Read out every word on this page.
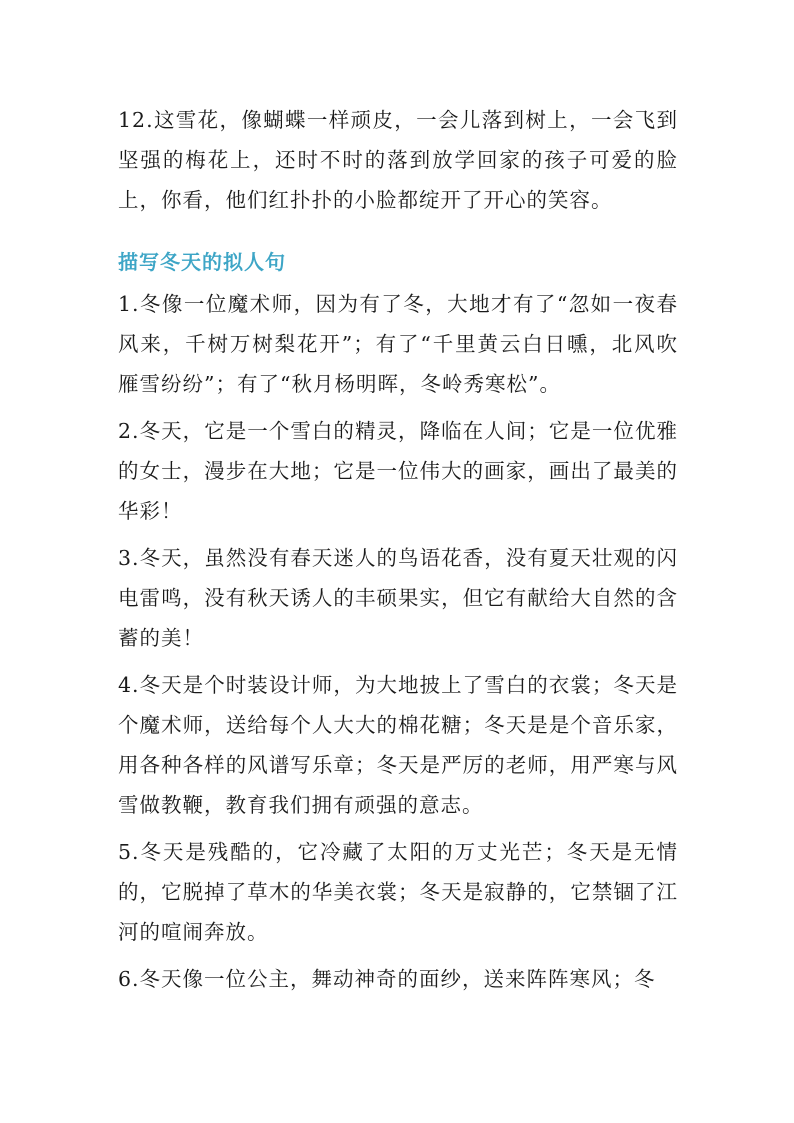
12.这雪花，像蝴蝶一样顽皮，一会儿落到树上，一会飞到坚强的梅花上，还时不时的落到放学回家的孩子可爱的脸上，你看，他们红扑扑的小脸都绽开了开心的笑容。

描写冬天的拟人句

1.冬像一位魔术师，因为有了冬，大地才有了“忽如一夜春风来，千树万树梨花开”；有了“千里黄云白日曛，北风吹雁雪纷纷”；有了“秋月杨明晖，冬岭秀寒松”。

2.冬天，它是一个雪白的精灵，降临在人间；它是一位优雅的女士，漫步在大地；它是一位伟大的画家，画出了最美的华彩！

3.冬天，虽然没有春天迷人的鸟语花香，没有夏天壮观的闪电雷鸣，没有秋天诱人的丰硕果实，但它有献给大自然的含蓄的美！

4.冬天是个时装设计师，为大地披上了雪白的衣裳；冬天是个魔术师，送给每个人大大的棉花糖；冬天是是个音乐家，用各种各样的风谱写乐章；冬天是严厉的老师，用严寒与风雪做教鞭，教育我们拥有顽强的意志。

5.冬天是残酷的，它冷藏了太阳的万丈光芒；冬天是无情的，它脱掉了草木的华美衣裳；冬天是寂静的，它禁锢了江河的喧闹奔放。

6.冬天像一位公主，舞动神奇的面纱，送来阵阵寒风；冬
